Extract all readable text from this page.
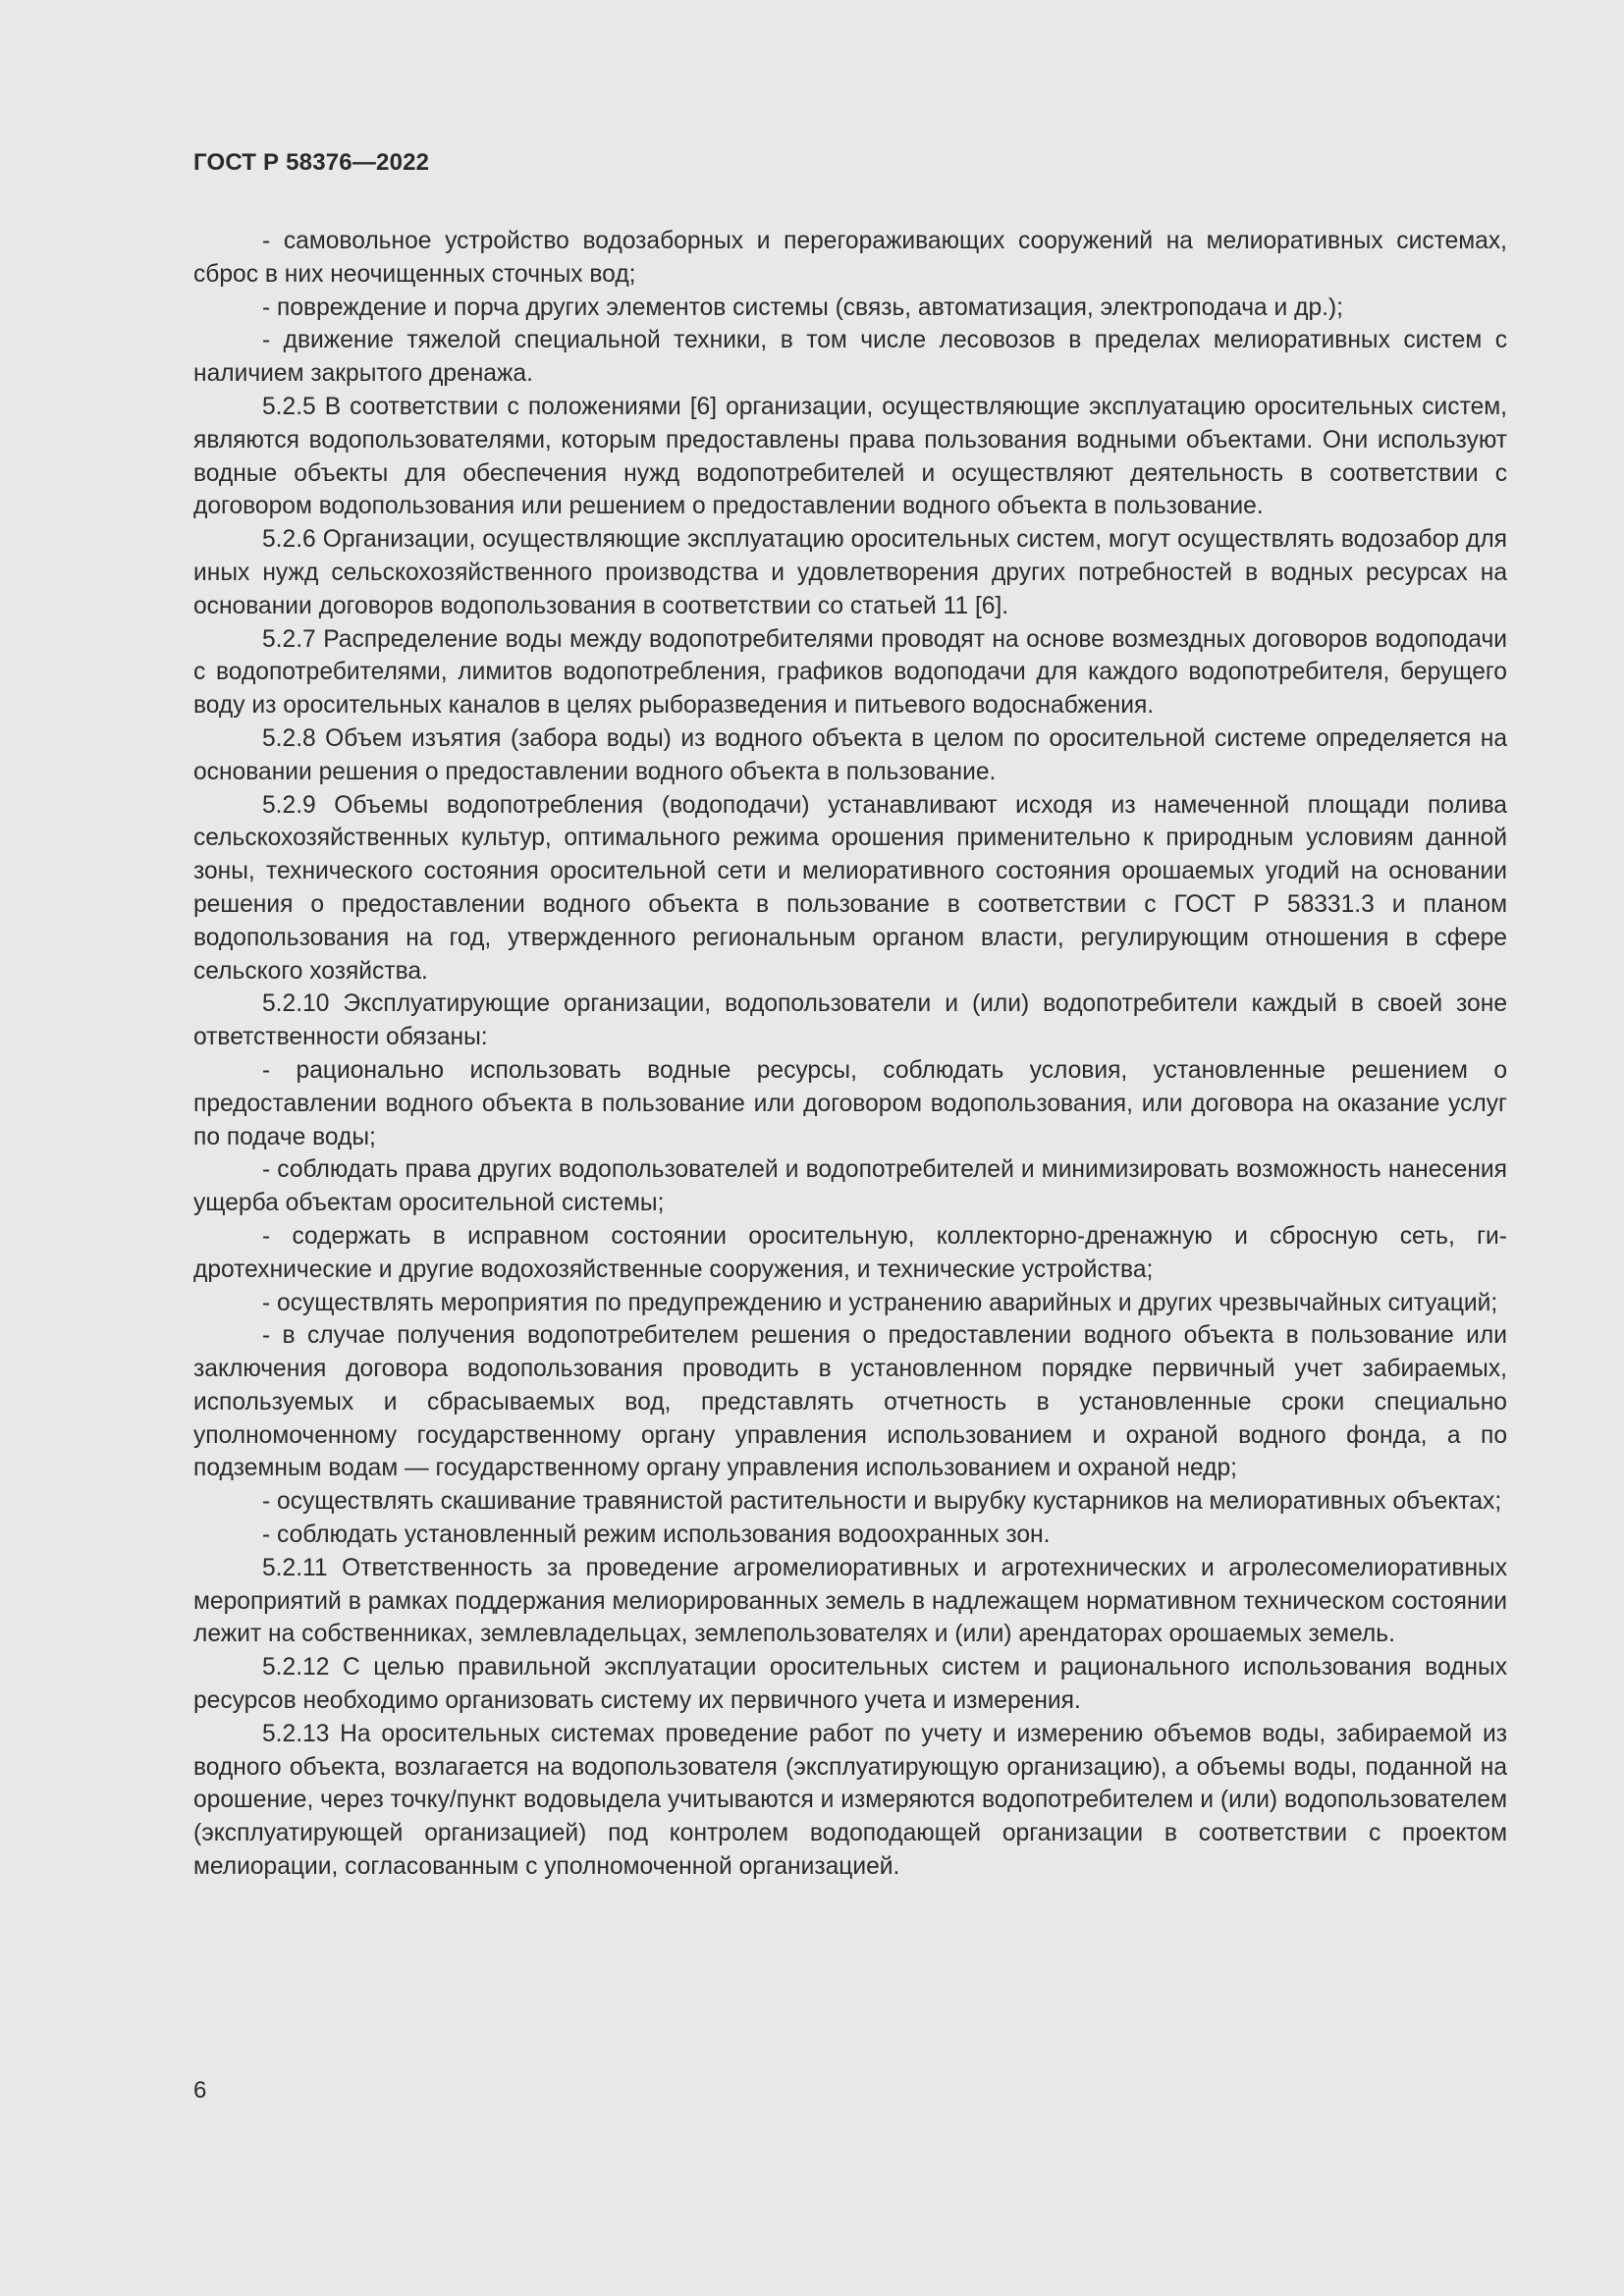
ГОСТ Р 58376—2022

- самовольное устройство водозаборных и перегораживающих сооружений на мелиоративных системах, сброс в них неочищенных сточных вод;

- повреждение и порча других элементов системы (связь, автоматизация, электроподача и др.);

- движение тяжелой специальной техники, в том числе лесовозов в пределах мелиоративных систем с наличием закрытого дренажа.

5.2.5 В соответствии с положениями [6] организации, осуществляющие эксплуатацию оросительных систем, являются водопользователями, которым предоставлены права пользования водными объектами. Они используют водные объекты для обеспечения нужд водопотребителей и осуществляют деятельность в соответствии с договором водопользования или решением о предоставлении водного объекта в пользование.

5.2.6 Организации, осуществляющие эксплуатацию оросительных систем, могут осуществлять водозабор для иных нужд сельскохозяйственного производства и удовлетворения других потребностей в водных ресурсах на основании договоров водопользования в соответствии со статьей 11 [6].

5.2.7 Распределение воды между водопотребителями проводят на основе возмездных договоров водоподачи с водопотребителями, лимитов водопотребления, графиков водоподачи для каждого водопотребителя, берущего воду из оросительных каналов в целях рыборазведения и питьевого водоснабжения.

5.2.8 Объем изъятия (забора воды) из водного объекта в целом по оросительной системе определяется на основании решения о предоставлении водного объекта в пользование.

5.2.9 Объемы водопотребления (водоподачи) устанавливают исходя из намеченной площади полива сельскохозяйственных культур, оптимального режима орошения применительно к природным условиям данной зоны, технического состояния оросительной сети и мелиоративного состояния орошаемых угодий на основании решения о предоставлении водного объекта в пользование в соответствии с ГОСТ Р 58331.3 и планом водопользования на год, утвержденного региональным органом власти, регулирующим отношения в сфере сельского хозяйства.

5.2.10 Эксплуатирующие организации, водопользователи и (или) водопотребители каждый в своей зоне ответственности обязаны:

- рационально использовать водные ресурсы, соблюдать условия, установленные решением о предоставлении водного объекта в пользование или договором водопользования, или договора на оказание услуг по подаче воды;

- соблюдать права других водопользователей и водопотребителей и минимизировать возможность нанесения ущерба объектам оросительной системы;

- содержать в исправном состоянии оросительную, коллекторно-дренажную и сбросную сеть, гидротехнические и другие водохозяйственные сооружения, и технические устройства;

- осуществлять мероприятия по предупреждению и устранению аварийных и других чрезвычайных ситуаций;

- в случае получения водопотребителем решения о предоставлении водного объекта в пользование или заключения договора водопользования проводить в установленном порядке первичный учет забираемых, используемых и сбрасываемых вод, представлять отчетность в установленные сроки специально уполномоченному государственному органу управления использованием и охраной водного фонда, а по подземным водам — государственному органу управления использованием и охраной недр;

- осуществлять скашивание травянистой растительности и вырубку кустарников на мелиоративных объектах;

- соблюдать установленный режим использования водоохранных зон.

5.2.11 Ответственность за проведение агромелиоративных и агротехнических и агролесомелиоративных мероприятий в рамках поддержания мелиорированных земель в надлежащем нормативном техническом состоянии лежит на собственниках, землевладельцах, землепользователях и (или) арендаторах орошаемых земель.

5.2.12 С целью правильной эксплуатации оросительных систем и рационального использования водных ресурсов необходимо организовать систему их первичного учета и измерения.

5.2.13 На оросительных системах проведение работ по учету и измерению объемов воды, забираемой из водного объекта, возлагается на водопользователя (эксплуатирующую организацию), а объемы воды, поданной на орошение, через точку/пункт водовыдела учитываются и измеряются водопотребителем и (или) водопользователем (эксплуатирующей организацией) под контролем водоподающей организации в соответствии с проектом мелиорации, согласованным с уполномоченной организацией.

6
